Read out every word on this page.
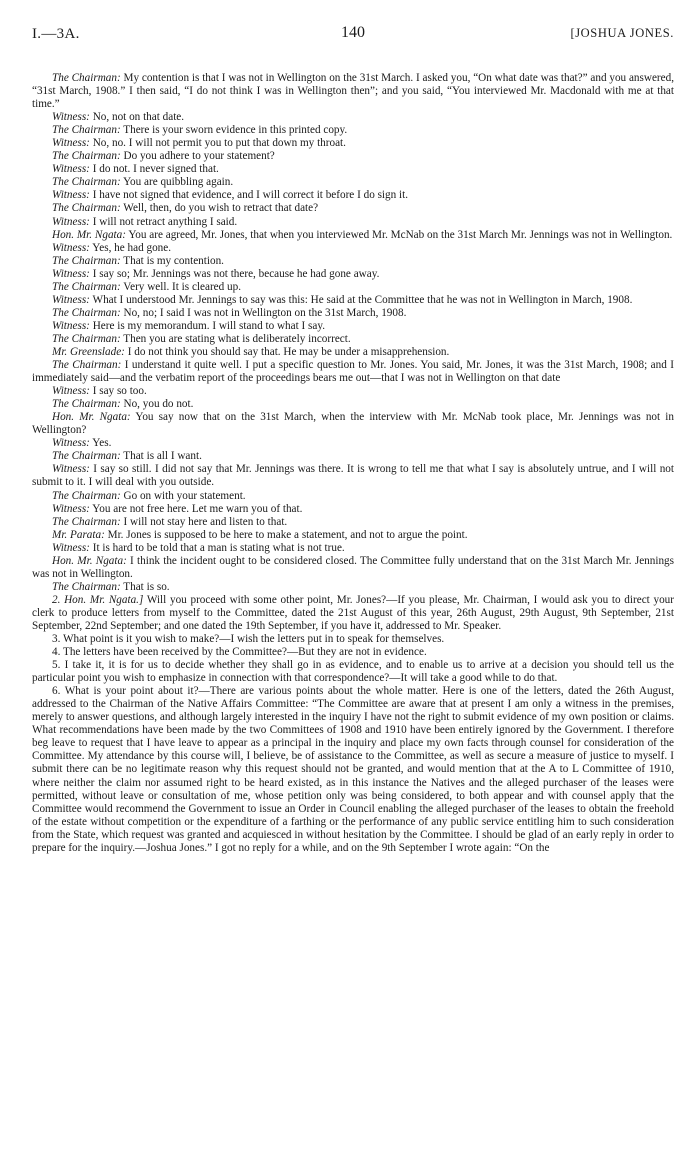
I.—3A.	140	[JOSHUA JONES.

The Chairman: My contention is that I was not in Wellington on the 31st March. I asked you, “On what date was that?” and you answered, “31st March, 1908.” I then said, “I do not think I was in Wellington then”; and you said, “You interviewed Mr. Macdonald with me at that time.”

Witness: No, not on that date.

The Chairman: There is your sworn evidence in this printed copy.

Witness: No, no. I will not permit you to put that down my throat.

The Chairman: Do you adhere to your statement?

Witness: I do not. I never signed that.

The Chairman: You are quibbling again.

Witness: I have not signed that evidence, and I will correct it before I do sign it.

The Chairman: Well, then, do you wish to retract that date?

Witness: I will not retract anything I said.

Hon. Mr. Ngata: You are agreed, Mr. Jones, that when you interviewed Mr. McNab on the 31st March Mr. Jennings was not in Wellington.

Witness: Yes, he had gone.

The Chairman: That is my contention.

Witness: I say so; Mr. Jennings was not there, because he had gone away.

The Chairman: Very well. It is cleared up.

Witness: What I understood Mr. Jennings to say was this: He said at the Committee that he was not in Wellington in March, 1908.

The Chairman: No, no; I said I was not in Wellington on the 31st March, 1908.

Witness: Here is my memorandum. I will stand to what I say.

The Chairman: Then you are stating what is deliberately incorrect.

Mr. Greenslade: I do not think you should say that. He may be under a misapprehension.

The Chairman: I understand it quite well. I put a specific question to Mr. Jones. You said, Mr. Jones, it was the 31st March, 1908; and I immediately said—and the verbatim report of the proceedings bears me out—that I was not in Wellington on that date

Witness: I say so too.

The Chairman: No, you do not.

Hon. Mr. Ngata: You say now that on the 31st March, when the interview with Mr. McNab took place, Mr. Jennings was not in Wellington?

Witness: Yes.

The Chairman: That is all I want.

Witness: I say so still. I did not say that Mr. Jennings was there. It is wrong to tell me that what I say is absolutely untrue, and I will not submit to it. I will deal with you outside.

The Chairman: Go on with your statement.

Witness: You are not free here. Let me warn you of that.

The Chairman: I will not stay here and listen to that.

Mr. Parata: Mr. Jones is supposed to be here to make a statement, and not to argue the point.

Witness: It is hard to be told that a man is stating what is not true.

Hon. Mr. Ngata: I think the incident ought to be considered closed. The Committee fully understand that on the 31st March Mr. Jennings was not in Wellington.

The Chairman: That is so.

2. Hon. Mr. Ngata.] Will you proceed with some other point, Mr. Jones?—If you please, Mr. Chairman, I would ask you to direct your clerk to produce letters from myself to the Committee, dated the 21st August of this year, 26th August, 29th August, 9th September, 21st September, 22nd September; and one dated the 19th September, if you have it, addressed to Mr. Speaker.

3. What point is it you wish to make?—I wish the letters put in to speak for themselves.

4. The letters have been received by the Committee?—But they are not in evidence.

5. I take it, it is for us to decide whether they shall go in as evidence, and to enable us to arrive at a decision you should tell us the particular point you wish to emphasize in connection with that correspondence?—It will take a good while to do that.

6. What is your point about it?—There are various points about the whole matter. Here is one of the letters, dated the 26th August, addressed to the Chairman of the Native Affairs Committee: “The Committee are aware that at present I am only a witness in the premises, merely to answer questions, and although largely interested in the inquiry I have not the right to submit evidence of my own position or claims. What recommendations have been made by the two Committees of 1908 and 1910 have been entirely ignored by the Government. I therefore beg leave to request that I have leave to appear as a principal in the inquiry and place my own facts through counsel for consideration of the Committee. My attendance by this course will, I believe, be of assistance to the Committee, as well as secure a measure of justice to myself. I submit there can be no legitimate reason why this request should not be granted, and would mention that at the A to L Committee of 1910, where neither the claim nor assumed right to be heard existed, as in this instance the Natives and the alleged purchaser of the leases were permitted, without leave or consultation of me, whose petition only was being considered, to both appear and with counsel apply that the Committee would recommend the Government to issue an Order in Council enabling the alleged purchaser of the leases to obtain the freehold of the estate without competition or the expenditure of a farthing or the performance of any public service entitling him to such consideration from the State, which request was granted and acquiesced in without hesitation by the Committee. I should be glad of an early reply in order to prepare for the inquiry.—Joshua Jones.” I got no reply for a while, and on the 9th September I wrote again: “On the
